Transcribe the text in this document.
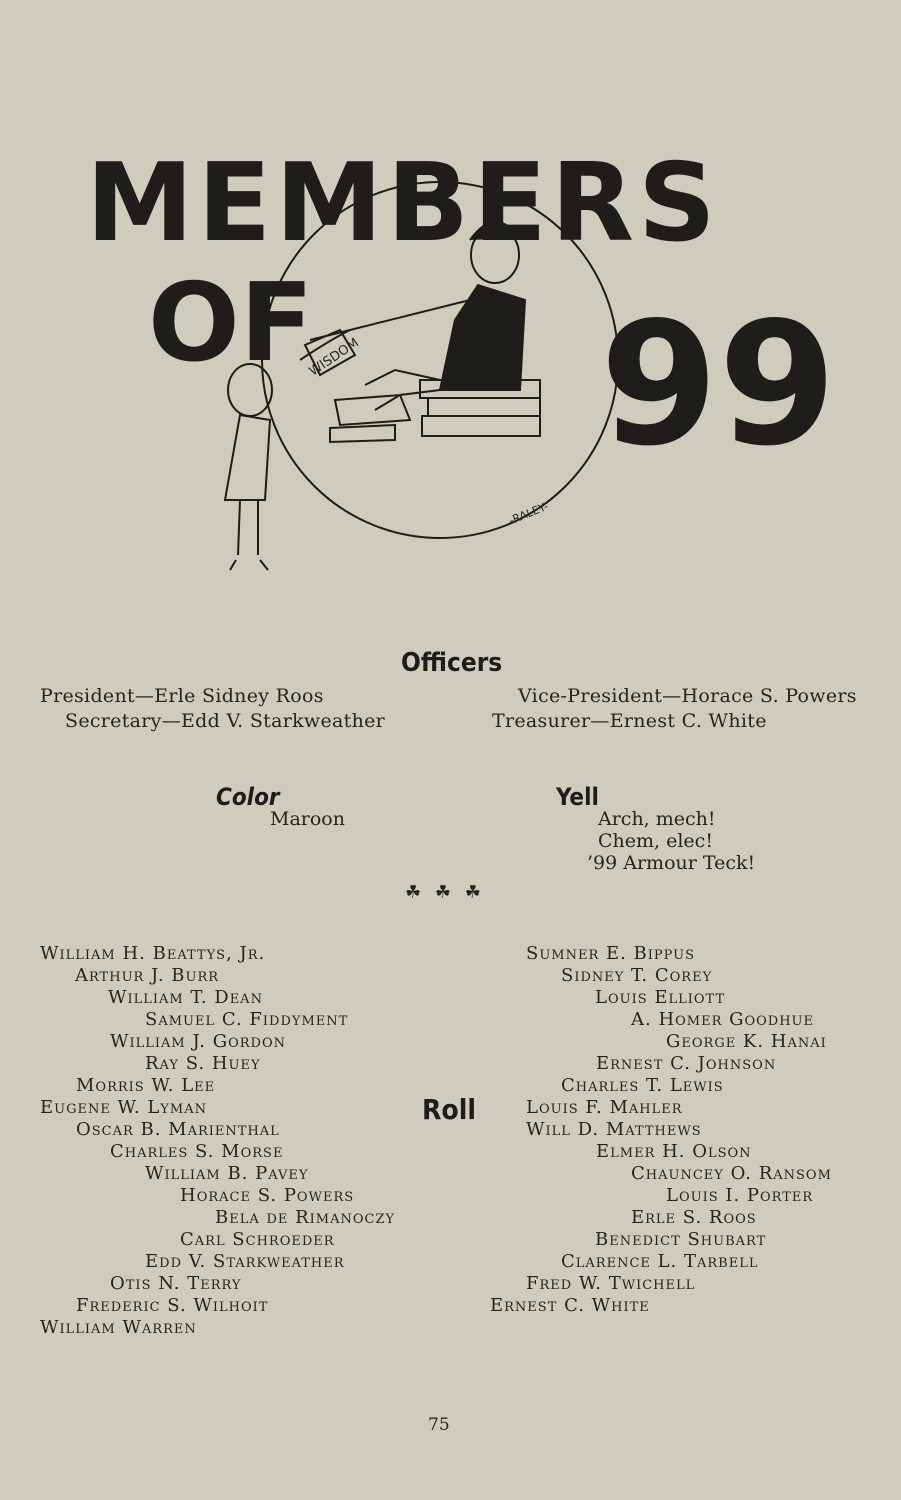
MEMBERS
OF 99
WISDOM
-RALEY-
Officers
President—Erle Sidney Roos	Vice-President—Horace S. Powers
Secretary—Edd V. Starkweather	Treasurer—Ernest C. White
Color
Maroon
Yell
Arch, mech!
Chem, elec!
’99 Armour Teck!
☘ ☘ ☘
Roll
William H. Beattys, Jr.
Arthur J. Burr
William T. Dean
Samuel C. Fiddyment
William J. Gordon
Ray S. Huey
Morris W. Lee
Eugene W. Lyman
Oscar B. Marienthal
Charles S. Morse
William B. Pavey
Horace S. Powers
Bela de Rimanoczy
Carl Schroeder
Edd V. Starkweather
Otis N. Terry
Frederic S. Wilhoit
William Warren
Sumner E. Bippus
Sidney T. Corey
Louis Elliott
A. Homer Goodhue
George K. Hanai
Ernest C. Johnson
Charles T. Lewis
Louis F. Mahler
Will D. Matthews
Elmer H. Olson
Chauncey O. Ransom
Louis I. Porter
Erle S. Roos
Benedict Shubart
Clarence L. Tarbell
Fred W. Twichell
Ernest C. White
75
